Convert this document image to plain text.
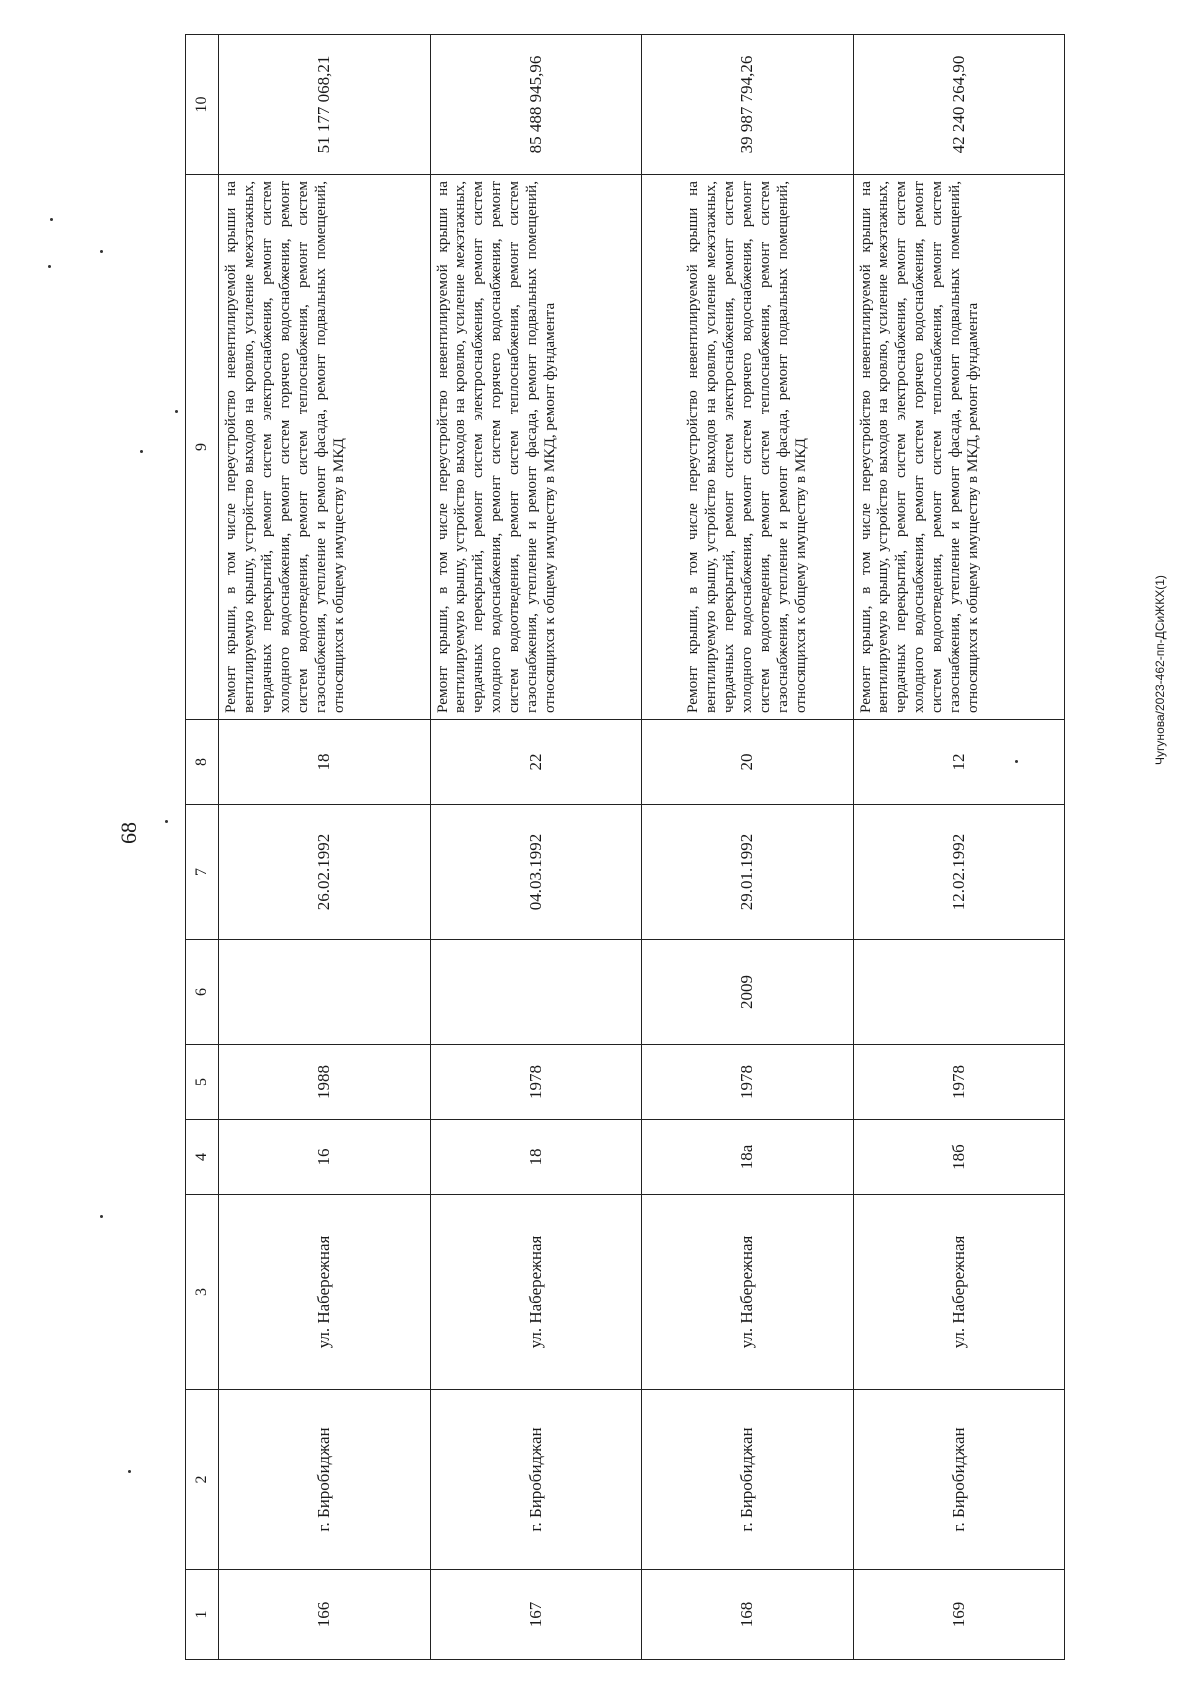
68
Чугунова/2023-462-пп-ДСиЖКХ(1)
1	2	3	4	5	6	7	8	9	10
166	г. Биробиджан	ул. Набережная	16	1988		26.02.1992	18	Ремонт крыши, в том числе переустройство невентилируемой крыши на вентилируемую крышу, устройство выходов на кровлю, усиление межэтажных, чердачных перекрытий, ремонт систем электроснабжения, ремонт систем холодного водоснабжения, ремонт систем горячего водоснабжения, ремонт систем водоотведения, ремонт систем теплоснабжения, ремонт систем газоснабжения, утепление и ремонт фасада, ремонт подвальных помещений, относящихся к общему имуществу в МКД	51 177 068,21
167	г. Биробиджан	ул. Набережная	18	1978		04.03.1992	22	Ремонт крыши, в том числе переустройство невентилируемой крыши на вентилируемую крышу, устройство выходов на кровлю, усиление межэтажных, чердачных перекрытий, ремонт систем электроснабжения, ремонт систем холодного водоснабжения, ремонт систем горячего водоснабжения, ремонт систем водоотведения, ремонт систем теплоснабжения, ремонт систем газоснабжения, утепление и ремонт фасада, ремонт подвальных помещений, относящихся к общему имуществу в МКД, ремонт фундамента	85 488 945,96
168	г. Биробиджан	ул. Набережная	18а	1978	2009	29.01.1992	20	Ремонт крыши, в том числе переустройство невентилируемой крыши на вентилируемую крышу, устройство выходов на кровлю, усиление межэтажных, чердачных перекрытий, ремонт систем электроснабжения, ремонт систем холодного водоснабжения, ремонт систем горячего водоснабжения, ремонт систем водоотведения, ремонт систем теплоснабжения, ремонт систем газоснабжения, утепление и ремонт фасада, ремонт подвальных помещений, относящихся к общему имуществу в МКД	39 987 794,26
169	г. Биробиджан	ул. Набережная	18б	1978		12.02.1992	12	Ремонт крыши, в том числе переустройство невентилируемой крыши на вентилируемую крышу, устройство выходов на кровлю, усиление межэтажных, чердачных перекрытий, ремонт систем электроснабжения, ремонт систем холодного водоснабжения, ремонт систем горячего водоснабжения, ремонт систем водоотведения, ремонт систем теплоснабжения, ремонт систем газоснабжения, утепление и ремонт фасада, ремонт подвальных помещений, относящихся к общему имуществу в МКД, ремонт фундамента	42 240 264,90
